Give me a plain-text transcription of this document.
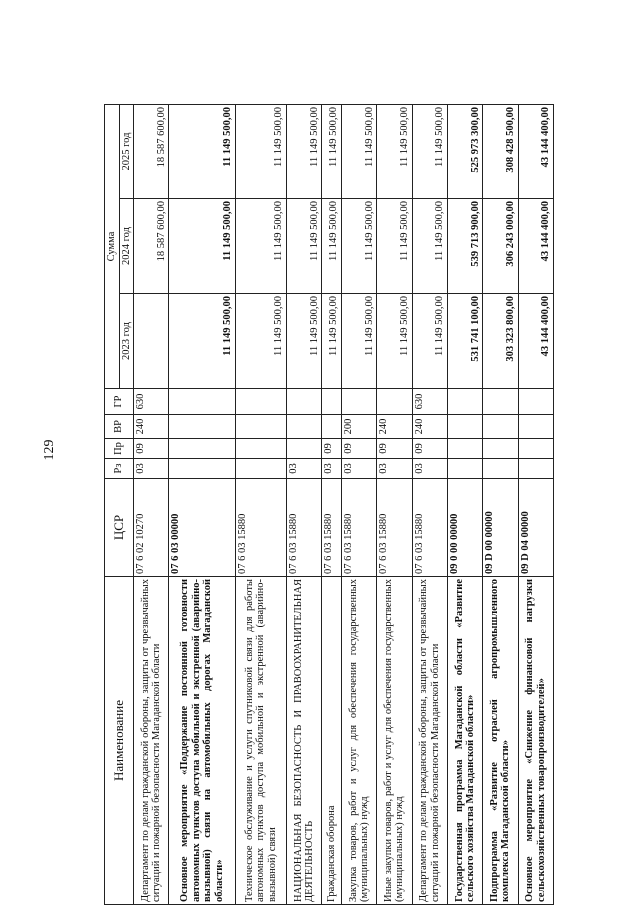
129
Наименование	ЦСР	Рз	Пр	ВР	ГР	Сумма		
						2023 год	2024 год	2025 год
Департамент по делам гражданской обороны, защиты от чрезвычайных ситуаций и пожарной безопасности Магаданской области	07 6 02 10270	03	09	240	630		18 587 600,00	18 587 600,00
Основное мероприятие «Поддержание постоянной готовности автономных пунктов доступа мобильной и экстренной (аварийно-вызывной) связи на автомобильных дорогах Магаданской области»	07 6 03 00000					11 149 500,00	11 149 500,00	11 149 500,00
Техническое обслуживание и услуги спутниковой связи для работы автономных пунктов доступа мобильной и экстренной (аварийно-вызывной) связи	07 6 03 15880					11 149 500,00	11 149 500,00	11 149 500,00
НАЦИОНАЛЬНАЯ БЕЗОПАСНОСТЬ И ПРАВООХРАНИТЕЛЬНАЯ ДЕЯТЕЛЬНОСТЬ	07 6 03 15880	03				11 149 500,00	11 149 500,00	11 149 500,00
Гражданская оборона	07 6 03 15880	03	09			11 149 500,00	11 149 500,00	11 149 500,00
Закупка товаров, работ и услуг для обеспечения государственных (муниципальных) нужд	07 6 03 15880	03	09	200		11 149 500,00	11 149 500,00	11 149 500,00
Иные закупки товаров, работ и услуг для обеспечения государственных (муниципальных) нужд	07 6 03 15880	03	09	240		11 149 500,00	11 149 500,00	11 149 500,00
Департамент по делам гражданской обороны, защиты от чрезвычайных ситуаций и пожарной безопасности Магаданской области	07 6 03 15880	03	09	240	630	11 149 500,00	11 149 500,00	11 149 500,00
Государственная программа Магаданской области «Развитие сельского хозяйства Магаданской области»	09 0 00 00000					531 741 100,00	539 713 900,00	525 973 300,00
Подпрограмма «Развитие отраслей агропромышленного комплекса Магаданской области»	09 D 00 00000					303 323 800,00	306 243 000,00	308 428 500,00
Основное мероприятие «Снижение финансовой нагрузки сельскохозяйственных товаропроизводителей»	09 D 04 00000					43 144 400,00	43 144 400,00	43 144 400,00
